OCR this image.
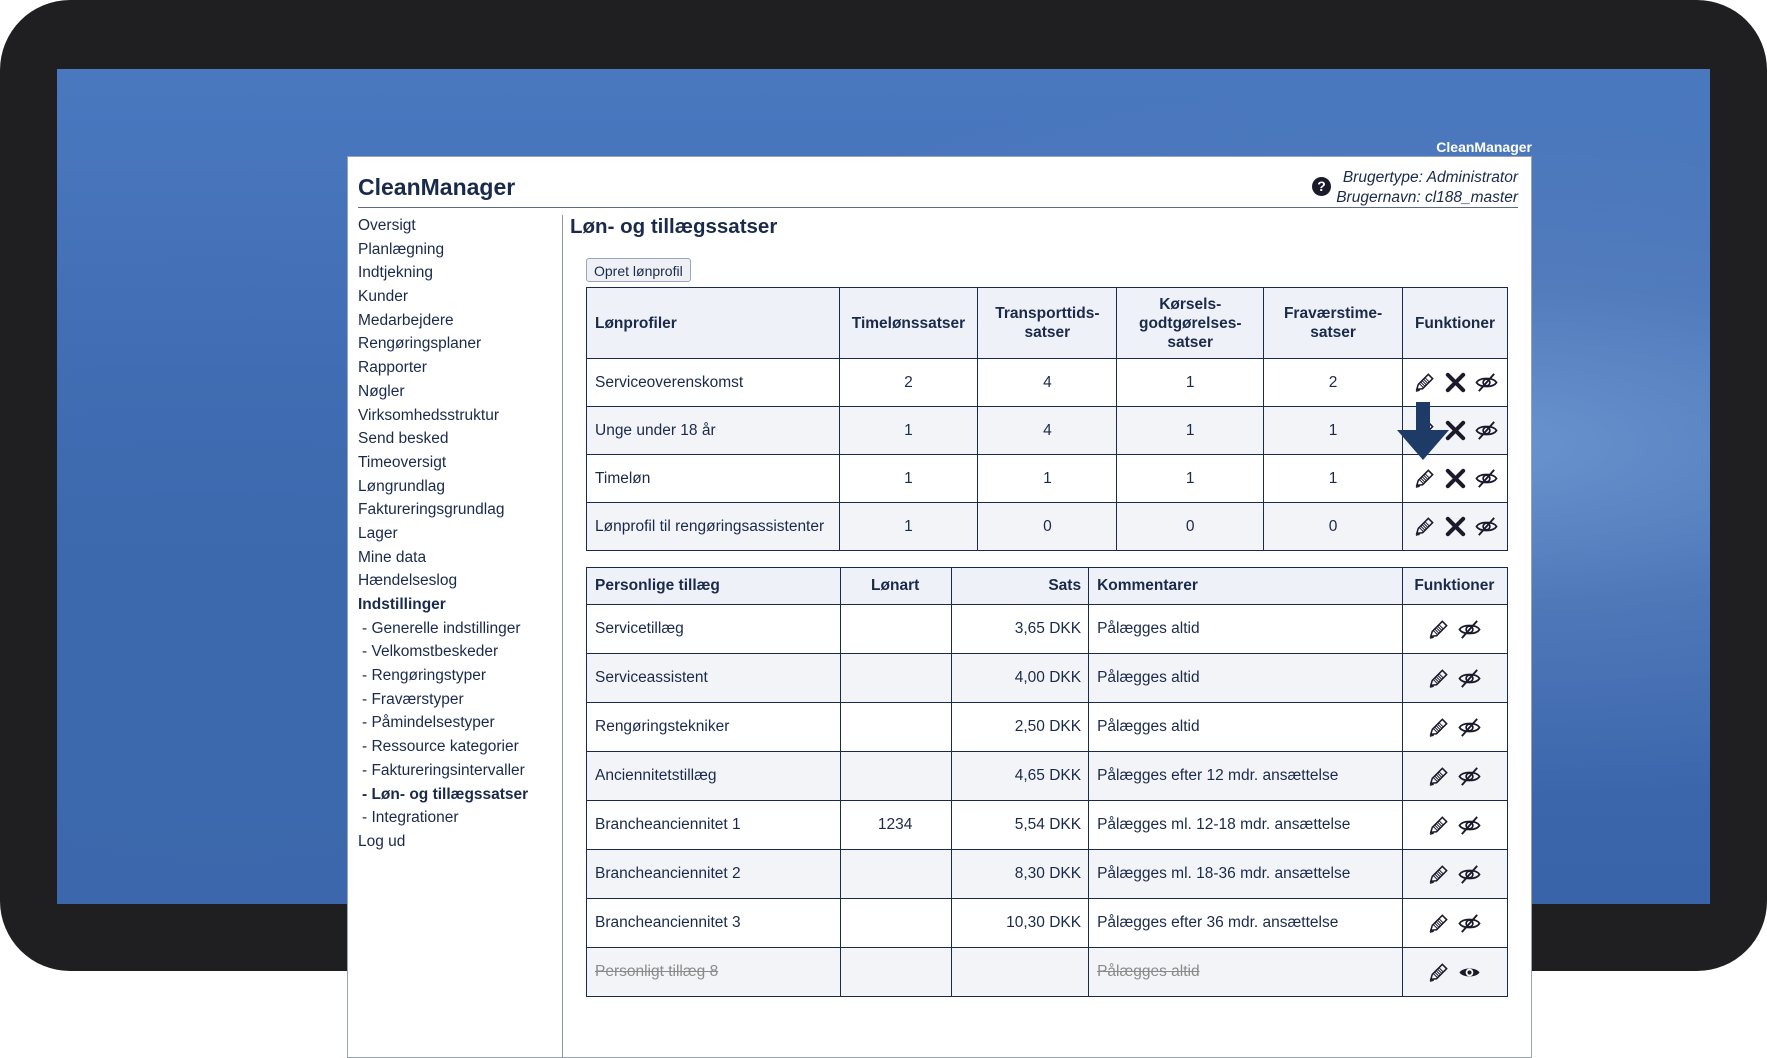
CleanManager
CleanManager	?	Brugertype: Administrator
Brugernavn: cl188_master
Oversigt
Planlægning
Indtjekning
Kunder
Medarbejdere
Rengøringsplaner
Rapporter
Nøgler
Virksomhedsstruktur
Send besked
Timeoversigt
Løngrundlag
Faktureringsgrundlag
Lager
Mine data
Hændelseslog
Indstillinger
- Generelle indstillinger
- Velkomstbeskeder
- Rengøringstyper
- Fraværstyper
- Påmindelsestyper
- Ressource kategorier
- Faktureringsintervaller
- Løn- og tillægssatser
- Integrationer
Log ud
Løn- og tillægssatser
Opret lønprofil
Lønprofiler	Timelønssatser	Transporttids-satser	Kørsels-godtgørelses-satser	Fraværstime-satser	Funktioner
Serviceoverenskomst	2	4	1	2	

Unge under 18 år	1	4	1	1	

Timeløn	1	1	1	1	

Lønprofil til rengøringsassistenter	1	0	0	0	
Personlige tillæg	Lønart	Sats	Kommentarer	Funktioner
Servicetillæg		3,65 DKK	Pålægges altid	

Serviceassistent		4,00 DKK	Pålægges altid	

Rengøringstekniker		2,50 DKK	Pålægges altid	

Anciennitetstillæg		4,65 DKK	Pålægges efter 12 mdr. ansættelse	

Brancheanciennitet 1	1234	5,54 DKK	Pålægges ml. 12-18 mdr. ansættelse	

Brancheanciennitet 2		8,30 DKK	Pålægges ml. 18-36 mdr. ansættelse	

Brancheanciennitet 3		10,30 DKK	Pålægges efter 36 mdr. ansættelse	

Personligt tillæg 8			Pålægges altid	
